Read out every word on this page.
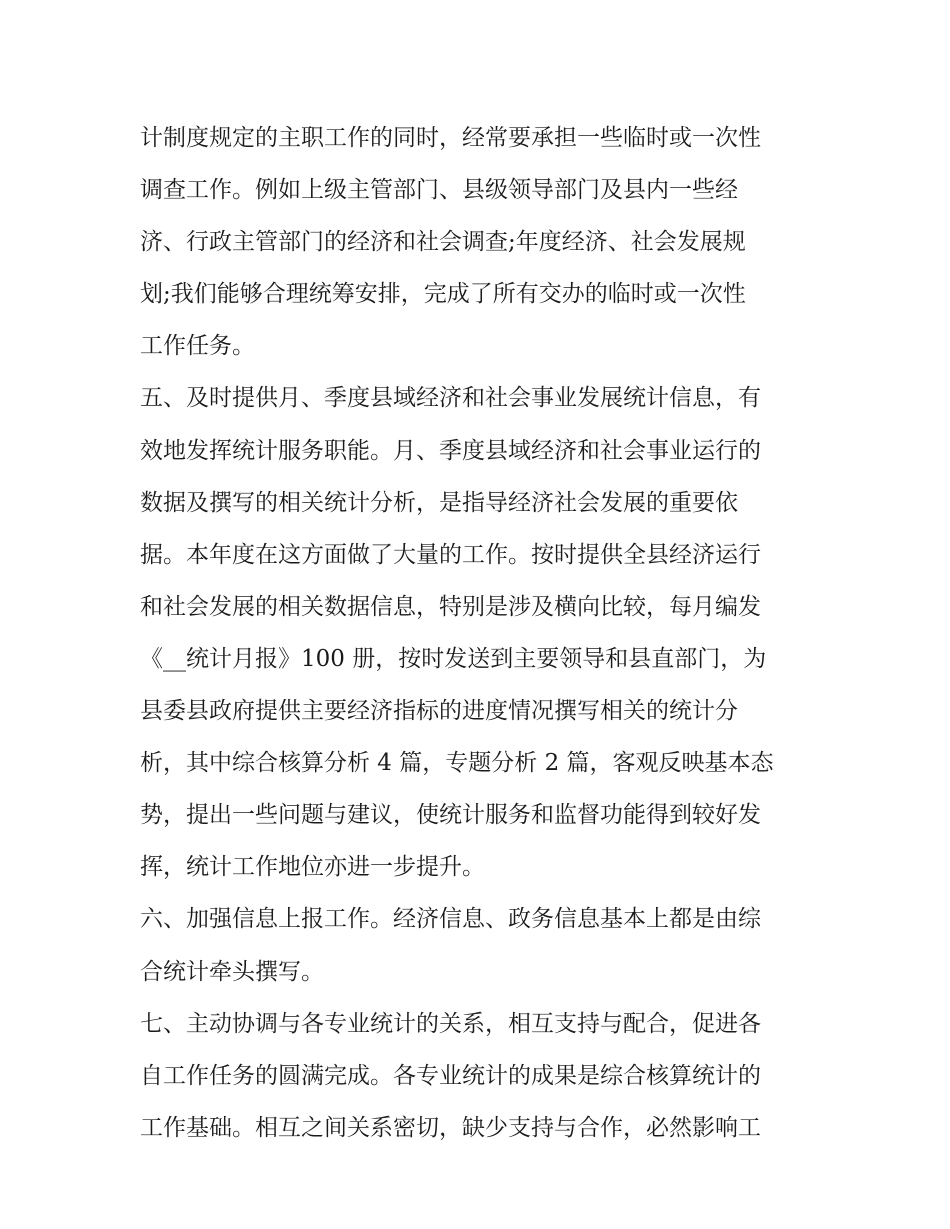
计制度规定的主职工作的同时，经常要承担一些临时或一次性

调查工作。例如上级主管部门、县级领导部门及县内一些经

济、行政主管部门的经济和社会调查;年度经济、社会发展规

划;我们能够合理统筹安排，完成了所有交办的临时或一次性

工作任务。

五、及时提供月、季度县域经济和社会事业发展统计信息，有

效地发挥统计服务职能。月、季度县域经济和社会事业运行的

数据及撰写的相关统计分析，是指导经济社会发展的重要依

据。本年度在这方面做了大量的工作。按时提供全县经济运行

和社会发展的相关数据信息，特别是涉及横向比较，每月编发

《__统计月报》100 册，按时发送到主要领导和县直部门，为

县委县政府提供主要经济指标的进度情况撰写相关的统计分

析，其中综合核算分析 4 篇，专题分析 2 篇，客观反映基本态

势，提出一些问题与建议，使统计服务和监督功能得到较好发

挥，统计工作地位亦进一步提升。

六、加强信息上报工作。经济信息、政务信息基本上都是由综

合统计牵头撰写。

七、主动协调与各专业统计的关系，相互支持与配合，促进各

自工作任务的圆满完成。各专业统计的成果是综合核算统计的

工作基础。相互之间关系密切，缺少支持与合作，必然影响工
